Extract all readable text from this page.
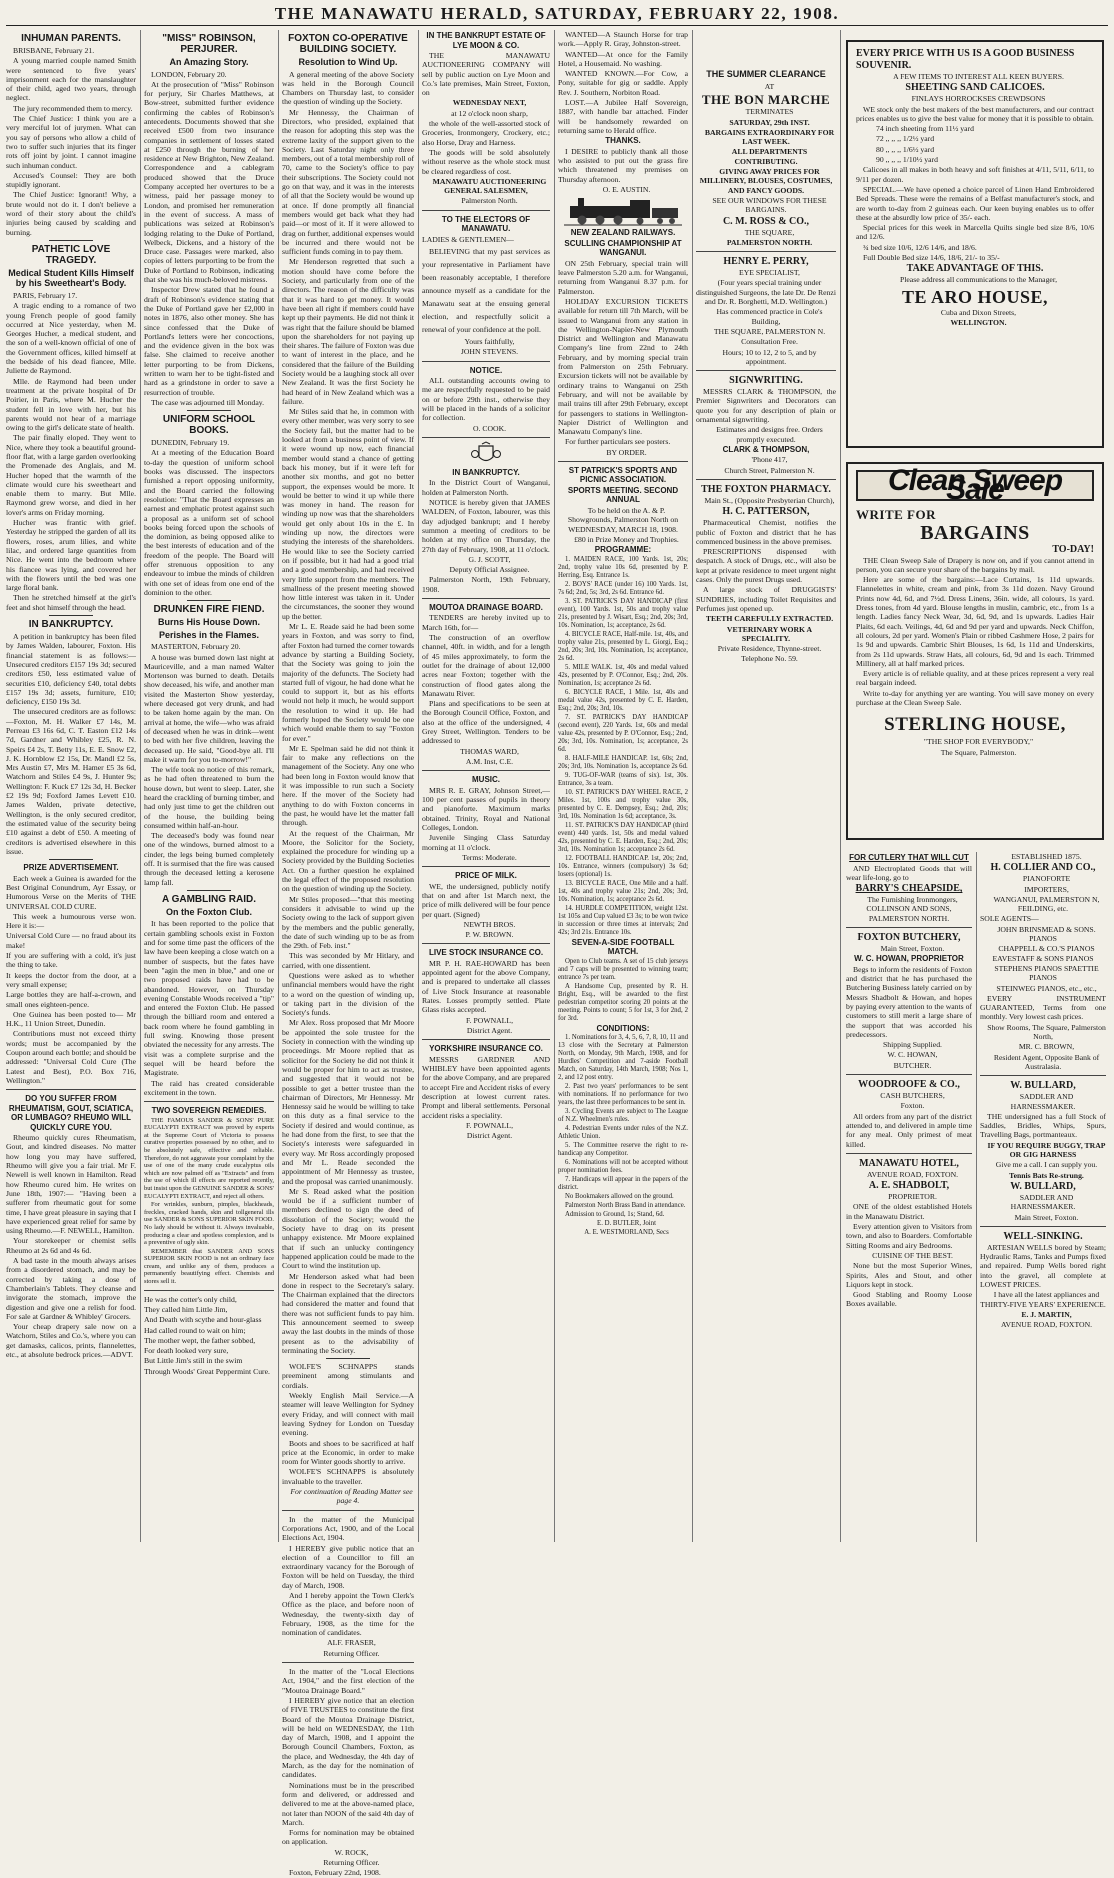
THE MANAWATU HERALD, SATURDAY, FEBRUARY 22, 1908.
INHUMAN PARENTS.

BRISBANE, February 21.

A young married couple named Smith were sentenced to five years' imprisonment each for the manslaughter of their child, aged two years, through neglect.

The jury recommended them to mercy.

The Chief Justice: I think you are a very merciful lot of jurymen. What can you say of persons who allow a child of two to suffer such injuries that its finger rots off joint by joint. I cannot imagine such inhuman conduct.

Accused's Counsel: They are both stupidly ignorant.

The Chief Justice: Ignorant! Why, a brute would not do it. I don't believe a word of their story about the child's injuries being caused by scalding and burning.

PATHETIC LOVE TRAGEDY.
Medical Student Kills Himself by his Sweetheart's Body.

PARIS, February 17.

A tragic ending to a romance of two young French people of good family occurred at Nice yesterday, when M. Georges Hucher, a medical student, and the son of a well-known official of one of the Government offices, killed himself at the bedside of his dead fiancee, Mlle. Juliette de Raymond.

Mlle. de Raymond had been under treatment at the private hospital of Dr Poirier, in Paris, where M. Hucher the student fell in love with her, but his parents would not hear of a marriage owing to the girl's delicate state of health.

The pair finally eloped. They went to Nice, where they took a beautiful ground-floor flat, with a large garden overlooking the Promenade des Anglais, and M. Hucher hoped that the warmth of the climate would cure his sweetheart and enable them to marry. But Mlle. Raymond grew worse, and died in her lover's arms on Friday morning.

Hucher was frantic with grief. Yesterday he stripped the garden of all its flowers, roses, arum lilies, and white lilac, and ordered large quantities from Nice. He went into the bedroom where his fiancee was lying, and covered her with the flowers until the bed was one large floral bank.

Then he stretched himself at the girl's feet and shot himself through the head.

IN BANKRUPTCY.

A petition in bankruptcy has been filed by James Walden, labourer, Foxton. His financial statement is as follows:—Unsecured creditors £157 19s 3d; secured creditors £50, less estimated value of securities £10, deficiency £40, total debts £157 19s 3d; assets, furniture, £10; deficiency, £150 19s 3d.

The unsecured creditors are as follows:—Foxton, M. H. Walker £7 14s, M. Perreau £3 16s 6d, C. T. Easton £12 14s 7d, Gardner and Whibley £25, R. N. Speirs £4 2s, T. Betty 11s, E. E. Snow £2, J. K. Hornblow £2 15s, Dr. Mandl £2 5s, Mrs Austin £7, Mrs M. Hamer £5 3s 6d, Watchorn and Stiles £4 9s, J. Hunter 9s; Wellington: F. Kuck £7 12s 3d, H. Becker £2 19s 9d; Foxford James Levett £10. James Walden, private detective, Wellington, is the only secured creditor, the estimated value of the security being £10 against a debt of £50. A meeting of creditors is advertised elsewhere in this issue.

PRIZE ADVERTISEMENT.

Each week a Guinea is awarded for the Best Original Conundrum, Ayr Essay, or Humorous Verse on the Merits of THE UNIVERSAL COLD CURE.

This week a humourous verse won. Here it is:—

Universal Cold Cure — no fraud about its make!

If you are suffering with a cold, it's just the thing to take.

It keeps the doctor from the door, at a very small expense;

Large bottles they are half-a-crown, and small ones eighteen-pence.

One Guinea has been posted to— Mr H.K., 11 Union Street, Dunedin.

Contributions must not exceed thirty words; must be accompanied by the Coupon around each bottle; and should be addressed: "Universal Cold Cure (The Latest and Best), P.O. Box 716, Wellington."

DO YOU SUFFER FROM RHEUMATISM, GOUT, SCIATICA, OR LUMBAGO? RHEUMO WILL QUICKLY CURE YOU.

Rheumo quickly cures Rheumatism, Gout, and kindred diseases. No matter how long you may have suffered, Rheumo will give you a fair trial. Mr F. Newell is well known in Hamilton. Read how Rheumo cured him. He writes on June 18th, 1907:— "Having been a sufferer from rheumatic gout for some time, I have great pleasure in saying that I have experienced great relief for same by using Rheumo.—F. NEWELL, Hamilton.

Your storekeeper or chemist sells Rheumo at 2s 6d and 4s 6d.

A bad taste in the mouth always arises from a disordered stomach, and may be corrected by taking a dose of Chamberlain's Tablets. They cleanse and invigorate the stomach, improve the digestion and give one a relish for food. For sale at Gardner & Whibley' Grocers.

Your cheap drapery sale now on a Watchorn, Stiles and Co.'s, where you can get damasks, calicos, prints, flannelettes, etc., at absolute bedrock prices.—ADVT.

"MISS" ROBINSON, PERJURER.
An Amazing Story.

LONDON, February 20.

At the prosecution of "Miss" Robinson for perjury, Sir Charles Matthews, at Bow-street, submitted further evidence confirming the cables of Robinson's antecedents. Documents showed that she received £500 from two insurance companies in settlement of losses stated at £250 through the burning of her residence at New Brighton, New Zealand. Correspondence and a cablegram produced showed that the Druce Company accepted her overtures to be a witness, paid her passage money to London, and promised her remuneration in the event of success. A mass of publications was seized at Robinson's lodging relating to the Duke of Portland, Welbeck, Dickens, and a history of the Druce case. Passages were marked, also copies of letters purporting to be from the Duke of Portland to Robinson, indicating that she was his much-beloved mistress.

Inspector Drew stated that he found a draft of Robinson's evidence stating that the Duke of Portland gave her £2,000 in notes in 1876, also other money. She has since confessed that the Duke of Portland's letters were her concoctions, and the evidence given in the box was false. She claimed to receive another letter purporting to be from Dickens, written to warn her to be tight-fisted and hard as a grindstone in order to save a resurrection of trouble.

The case was adjourned till Monday.

UNIFORM SCHOOL BOOKS.

DUNEDIN, February 19.

At a meeting of the Education Board to-day the question of uniform school books was discussed. The inspectors furnished a report opposing uniformity, and the Board carried the following resolution: "That the Board expresses an earnest and emphatic protest against such a proposal as a uniform set of school books being forced upon the schools of the dominion, as being opposed alike to the best interests of education and of the freedom of the people. The Board will offer strenuous opposition to any endeavour to imbue the minds of children with one set of ideas from one end of the dominion to the other.

DRUNKEN FIRE FIEND.
Burns His House Down.
Perishes in the Flames.

MASTERTON, February 20.

A house was burned down last night at Mauriceville, and a man named Walter Mortenson was burned to death. Details show deceased, his wife, and another man visited the Masterton Show yesterday, where deceased got very drunk, and had to be taken home again by the man. On arrival at home, the wife—who was afraid of deceased when he was in drink—went to bed with her five children, leaving the deceased up. He said, "Good-bye all. I'll make it warm for you to-morrow!"

The wife took no notice of this remark, as he had often threatened to burn the house down, but went to sleep. Later, she heard the crackling of burning timber, and had only just time to get the children out of the house, the building being consumed within half-an-hour.

The deceased's body was found near one of the windows, burned almost to a cinder, the legs being burned completely off. It is surmised that the fire was caused through the deceased letting a kerosene lamp fall.

A GAMBLING RAID.
On the Foxton Club.

It has been reported to the police that certain gambling schools exist in Foxton and for some time past the officers of the law have been keeping a close watch on a number of suspects, but the fates have been "agin the men in blue," and one or two proposed raids have had to be abandoned. However, on Thursday evening Constable Woods received a "tip" and entered the Foxton Club. He passed through the billiard room and entered a back room where he found gambling in full swing. Knowing those present obviated the necessity for any arrests. The visit was a complete surprise and the sequel will be heard before the Magistrate.

The raid has created considerable excitement in the town.

TWO SOVEREIGN REMEDIES.

THE FAMOUS SANDER & SONS' PURE EUCALYPTI EXTRACT was proved by experts at the Supreme Court of Victoria to possess curative properties possessed by no other, and to be absolutely safe, effective and reliable. Therefore, do not aggravate your complaint by the use of one of the many crude eucalyptus oils which are now palmed off as "Extracts" and from the use of which ill effects are reported recently, but insist upon the GENUINE SANDER & SONS' EUCALYPTI EXTRACT, and reject all others.

For wrinkles, sunburn, pimples, blackheads, freckles, cracked hands, skin and tollgeneral ills use SANDER & SONS SUPERIOR SKIN FOOD. No lady should be without it. Always invaluable, producing a clear and spotless complexion, and is a preventive of ugly skin.

REMEMBER that SANDER AND SONS SUPERIOR SKIN FOOD is not an ordinary face cream, and unlike any of them, produces a permanently beautifying effect. Chemists and stores sell it.

He was the cotter's only child,

They called him Little Jim,

And Death with scythe and hour-glass

Had called round to wait on him;

The mother wept, the father sobbed,

For death looked very sure,

But Little Jim's still in the swim

Through Woods' Great Peppermint Cure.

FOXTON CO-OPERATIVE BUILDING SOCIETY.
Resolution to Wind Up.

A general meeting of the above Society was held in the Borough Council Chambers on Thursday last, to consider the question of winding up the Society.

Mr Hennessy, the Chairman of Directors, who presided, explained that the reason for adopting this step was the extreme laxity of the support given to the Society. Last Saturday night only three members, out of a total membership roll of 70, came to the Society's office to pay their subscriptions. The Society could not go on that way, and it was in the interests of all that the Society would be wound up at once. If done promptly all financial members would get back what they had paid—or most of it. If it were allowed to drag on further, additional expenses would be incurred and there would not be sufficient funds coming in to pay them.

Mr Henderson regretted that such a motion should have come before the Society, and particularly from one of the directors. The reason of the difficulty was that it was hard to get money. It would have been all right if members could have kept up their payments. He did not think it was right that the failure should be blamed upon the shareholders for not paying up their shares. The failure of Foxton was due to want of interest in the place, and he considered that the failure of the Building Society would be a laughing stock all over New Zealand. It was the first Society he had heard of in New Zealand which was a failure.

Mr Stiles said that he, in common with every other member, was very sorry to see the Society fail, but the matter had to be looked at from a business point of view. If it were wound up now, each financial member would stand a chance of getting back his money, but if it were left for another six months, and got no better support, the expenses would be more. It would be better to wind it up while there was money in hand. The reason for winding up now was that the shareholders would get only about 10s in the £. In winding up now, the directors were studying the interests of the shareholders. He would like to see the Society carried on if possible, but it had had a good trial and a good membership, and had received very little support from the members. The smallness of the present meeting showed how little interest was taken in it. Under the circumstances, the sooner they wound up the better.

Mr L. E. Reade said he had been some years in Foxton, and was sorry to find, after Foxton had turned the corner towards advance by starting a Building Society, that the Society was going to join the majority of the defuncts. The Society had started full of vigour, he had done what he could to support it, but as his efforts would not help it much, he would support the resolution to wind it up. He had formerly hoped the Society would be one which would enable them to say "Foxton for ever."

Mr E. Spelman said he did not think it fair to make any reflections on the management of the Society. Any one who had been long in Foxton would know that it was impossible to run such a Society here. If the mover of the Society had anything to do with Foxton concerns in the past, he would have let the matter fall through.

At the request of the Chairman, Mr Moore, the Solicitor for the Society, explained the procedure for winding up a Society provided by the Building Societies Act. On a further question he explained the legal effect of the proposed resolution on the question of winding up the Society.

Mr Stiles proposed—"that this meeting considers it advisable to wind up the Society owing to the lack of support given by the members and the public generally, the date of such winding up to be as from the 29th. of Feb. inst."

This was seconded by Mr Hitlary, and carried, with one dissentient.

Questions were asked as to whether unfinancial members would have the right to a word on the question of winding up, or taking part in the division of the Society's funds.

Mr Alex. Ross proposed that Mr Moore be appointed the sole trustee for the Society in connection with the winding up proceedings. Mr Moore replied that as solicitor for the Society he did not think it would be proper for him to act as trustee, and suggested that it would not be possible to get a better trustee than the chairman of Directors, Mr Hennessy. Mr Hennessy said he would be willing to take on this duty as a final service to the Society if desired and would continue, as he had done from the first, to see that the Society's interests were safeguarded in every way. Mr Ross accordingly proposed and Mr L. Reade seconded the appointment of Mr Hennessy as trustee, and the proposal was carried unanimously.

Mr S. Read asked what the position would be if a sufficient number of members declined to sign the deed of dissolution of the Society; would the Society have to drag on its present unhappy existence. Mr Moore explained that if such an unlucky contingency happened application could be made to the Court to wind the institution up.

Mr Henderson asked what had been done in respect to the Secretary's salary. The Chairman explained that the directors had considered the matter and found that there was not sufficient funds to pay him. This announcement seemed to sweep away the last doubts in the minds of those present as to the advisability of terminating the Society.

WOLFE'S SCHNAPPS stands preeminent among stimulants and cordials.

Weekly English Mail Service.—A steamer will leave Wellington for Sydney every Friday, and will connect with mail leaving Sydney for London on Tuesday evening.

Boots and shoes to be sacrificed at half price at the Economic, in order to make room for Winter goods shortly to arrive.

WOLFE'S SCHNAPPS is absolutely invaluable to the traveller.

For continuation of Reading Matter see page 4.

In the matter of the Municipal Corporations Act, 1900, and of the Local Elections Act, 1904.

I HEREBY give public notice that an election of a Councillor to fill an extraordinary vacancy for the Borough of Foxton will be held on Tuesday, the third day of March, 1908.

And I hereby appoint the Town Clerk's Office as the place, and before noon of Wednesday, the twenty-sixth day of February, 1908, as the time for the nomination of candidates.

ALF. FRASER,

Returning Officer.

In the matter of the "Local Elections Act, 1904," and the first election of the "Moutoa Drainage Board."

I HEREBY give notice that an election of FIVE TRUSTEES to constitute the first Board of the Moutoa Drainage District, will be held on WEDNESDAY, the 11th day of March, 1908, and I appoint the Borough Council Chambers, Foxton, as the place, and Wednesday, the 4th day of March, as the day for the nomination of candidates.

Nominations must be in the prescribed form and delivered, or addressed and delivered to me at the above-named place, not later than NOON of the said 4th day of March.

Forms for nomination may be obtained on application.

W. ROCK,

Returning Officer.

Foxton, February 22nd, 1908.

IN THE BANKRUPT ESTATE OF LYE MOON & CO.

THE MANAWATU AUCTIONEERING COMPANY will sell by public auction on Lye Moon and Co.'s late premises, Main Street, Foxton, on

WEDNESDAY NEXT,

at 12 o'clock noon sharp,

the whole of the well-assorted stock of Groceries, Ironmongery, Crockery, etc.; also Horse, Dray and Harness.

The goods will be sold absolutely without reserve as the whole stock must be cleared regardless of cost.

MANAWATU AUCTIONEERING GENERAL SALESMEN,

Palmerston North.

TO THE ELECTORS OF MANAWATU.

LADIES & GENTLEMEN—

BELIEVING that my past services as your representative in Parliament have been reasonably acceptable, I therefore announce myself as a candidate for the Manawatu seat at the ensuing general election, and respectfully solicit a renewal of your confidence at the poll.

Yours faithfully,

JOHN STEVENS.

NOTICE.

ALL outstanding accounts owing to me are respectfully requested to be paid on or before 29th inst., otherwise they will be placed in the hands of a solicitor for collection.

O. COOK.

IN BANKRUPTCY.

In the District Court of Wanganui, holden at Palmerston North.

NOTICE is hereby given that JAMES WALDEN, of Foxton, labourer, was this day adjudged bankrupt; and I hereby summon a meeting of creditors to be holden at my office on Thursday, the 27th day of February, 1908, at 11 o'clock.

G. J. SCOTT,

Deputy Official Assignee.

Palmerston North, 19th February, 1908.

MOUTOA DRAINAGE BOARD.

TENDERS are hereby invited up to March 16th, for—

The construction of an overflow channel, 40ft. in width, and for a length of 45 miles approximately, to form the outlet for the drainage of about 12,000 acres near Foxton; together with the construction of flood gates along the Manawatu River.

Plans and specifications to be seen at the Borough Council Office, Foxton, and also at the office of the undersigned, 4 Grey Street, Wellington. Tenders to be addressed to

THOMAS WARD,

A.M. Inst, C.E.

MUSIC.

MRS R. E. GRAY, Johnson Street,—100 per cent passes of pupils in theory and pianoforte. Maximum marks obtained. Trinity, Royal and National Colleges, London.

Juvenile Singing Class Saturday morning at 11 o'clock.

Terms: Moderate.

PRICE OF MILK.

WE, the undersigned, publicly notify that on and after 1st March next, the price of milk delivered will be four pence per quart. (Signed)

NEWTH BROS.

P. W. BROWN.

LIVE STOCK INSURANCE CO.

MR P. H. RAE-HOWARD has been appointed agent for the above Company, and is prepared to undertake all classes of Live Stock Insurance at reasonable Rates. Losses promptly settled. Plate Glass risks accepted.

F. POWNALL,

District Agent.

YORKSHIRE INSURANCE CO.

MESSRS GARDNER AND WHIBLEY have been appointed agents for the above Company, and are prepared to accept Fire and Accident risks of every description at lowest current rates. Prompt and liberal settlements. Personal accident risks a speciality.

F. POWNALL,

District Agent.

WANTED—A Staunch Horse for trap work.—Apply R. Gray, Johnston-street.

WANTED—At once for the Family Hotel, a Housemaid. No washing.

WANTED KNOWN.—For Cow, a Pony, suitable for gig or saddle. Apply Rev. J. Southern, Norbiton Road.

LOST.—A Jubilee Half Sovereign, 1887, with handle bar attached. Finder will be handsomely rewarded on returning same to Herald office.

THANKS.

I DESIRE to publicly thank all those who assisted to put out the grass fire which threatened my premises on Thursday afternoon.

O. E. AUSTIN.

NEW ZEALAND RAILWAYS.
SCULLING CHAMPIONSHIP AT WANGANUI.

ON 25th February, special train will leave Palmerston 5.20 a.m. for Wanganui, returning from Wanganui 8.37 p.m. for Palmerston.

HOLIDAY EXCURSION TICKETS available for return till 7th March, will be issued to Wanganui from any station in the Wellington-Napier-New Plymouth District and Wellington and Manawatu Company's line from 22nd to 24th February, and by morning special train from Palmerston on 25th February. Excursion tickets will not be available by ordinary trains to Wanganui on 25th February, and will not be available by mail trains till after 29th February, except for passengers to stations in Wellington-Napier District of Wellington and Manawatu Company's line.

For further particulars see posters.

BY ORDER.

ST PATRICK'S SPORTS AND PICNIC ASSOCIATION.
SPORTS MEETING. SECOND ANNUAL

To be held on the A. & P. Showgrounds, Palmerston North on WEDNESDAY, MARCH 18, 1908.

£80 in Prize Money and Trophies.

PROGRAMME:

1. MAIDEN RACE, 100 Yards. 1st, 20s; 2nd, trophy value 10s 6d, presented by P. Herring, Esq. Entrance 1s.

2. BOYS' RACE (under 16) 100 Yards. 1st, 7s 6d; 2nd, 5s; 3rd, 2s 6d. Entrance 6d.

3. ST. PATRICK'S DAY HANDICAP (first event), 100 Yards. 1st, 50s and trophy value 21s, presented by J. Wisart, Esq.; 2nd, 20s; 3rd, 10s. Nomination, 1s; acceptance, 2s 6d.

4. BICYCLE RACE, Half-mile. 1st, 40s, and trophy value 21s, presented by L. Giorgi, Esq.; 2nd, 20s; 3rd, 10s. Nomination, 1s; acceptance, 2s 6d.

5. MILE WALK. 1st, 40s and medal valued 42s, presented by P. O'Connor, Esq.; 2nd, 20s. Nomination, 1s; acceptance 2s 6d.

6. BICYCLE RACE, 1 Mile. 1st, 40s and medal value 42s, presented by C. E. Harden, Esq.; 2nd, 20s; 3rd, 10s.

7. ST. PATRICK'S DAY HANDICAP (second event), 220 Yards. 1st, 60s and medal value 42s, presented by P. O'Connor, Esq.; 2nd, 20s; 3rd, 10s. Nomination, 1s; acceptance, 2s 6d.

8. HALF-MILE HANDICAP. 1st, 60s; 2nd, 20s; 3rd, 10s. Nomination 1s, acceptance 2s 6d.

9. TUG-OF-WAR (teams of six). 1st, 30s. Entrance, 3s a team.

10. ST. PATRICK'S DAY WHEEL RACE, 2 Miles. 1st, 100s and trophy value 30s, presented by C. E. Dempsey, Esq.; 2nd, 20s; 3rd, 10s. Nomination 1s 6d; acceptance, 3s.

11. ST. PATRICK'S DAY HANDICAP (third event) 440 yards. 1st, 50s and medal valued 42s, presented by C. E. Harden, Esq.; 2nd, 20s; 3rd, 10s. Nomination 1s; acceptance 2s 6d.

12. FOOTBALL HANDICAP. 1st, 20s; 2nd, 10s. Entrance, winners (compulsory) 3s 6d; losers (optional) 1s.

13. BICYCLE RACE, One Mile and a half. 1st, 40s and trophy value 21s; 2nd, 20s; 3rd, 10s. Nomination, 1s; acceptance 2s 6d.

14. HURDLE COMPETITION, weight 12st. 1st 105s and Cup valued £3 3s; to be won twice in succession or three times at intervals; 2nd 42s; 3rd 21s. Entrance 10s.

SEVEN-A-SIDE FOOTBALL MATCH.

Open to Club teams. A set of 15 club jerseys and 7 caps will be presented to winning team; entrance 7s per team.

A Handsome Cup, presented by R. H. Bright, Esq., will be awarded to the first pedestrian competitor scoring 20 points at the meeting. Points to count; 5 for 1st, 3 for 2nd, 2 for 3rd.

CONDITIONS:

1. Nominations for 3, 4, 5, 6, 7, 8, 10, 11 and 13 close with the Secretary at Palmerston North, on Monday, 9th March, 1908, and for Hurdles' Competition and 7-aside Football Match, on Saturday, 14th March, 1908; Nos 1, 2, and 12 post entry.

2. Past two years' performances to be sent with nominations. If no performance for two years, the last three performances to be sent in.

3. Cycling Events are subject to The League of N.Z. Wheelmen's rules.

4. Pedestrian Events under rules of the N.Z. Athletic Union.

5. The Committee reserve the right to re-handicap any Competitor.

6. Nominations will not be accepted without proper nomination fees.

7. Handicaps will appear in the papers of the district.

No Bookmakers allowed on the ground.

Palmerston North Brass Band in attendance.

Admission to Ground, 1s; Stand, 6d.

E. D. BUTLER, Joint

A. E. WESTMORLAND, Secs

EVERY PRICE WITH US IS A GOOD BUSINESS SOUVENIR.

A FEW ITEMS TO INTEREST ALL KEEN BUYERS.

SHEETING SAND CALICOES.

FINLAYS HORROCKSES CREWDSONS

WE stock only the best makers of the best manufacturers, and our contract prices enables us to give the best value for money that it is possible to obtain.

74 inch sheeting from 11½ yard

72 ,, ,, ,, 1/2½ yard

80 ,, ,, ,, 1/6½ yard

90 ,, ,, ,, 1/10½ yard

Calicoes in all makes in both heavy and soft finishes at 4/11, 5/11, 6/11, to 9/11 per dozen.

SPECIAL.—We have opened a choice parcel of Linen Hand Embroidered Bed Spreads. These were the remains of a Belfast manufacturer's stock, and are worth to-day from 2 guineas each. Our keen buying enables us to offer these at the absurdly low price of 35/- each.

Special prices for this week in Marcella Quilts single bed size 8/6, 10/6 and 12/6.

¾ bed size 10/6, 12/6 14/6, and 18/6.

Full Double Bed size 14/6, 18/6, 21/- to 35/-

TAKE ADVANTAGE OF THIS.

Please address all communications to the Manager,

TE ARO HOUSE,

Cuba and Dixon Streets,

WELLINGTON.

Clean Sweep Sale
WRITE FOR
BARGAINS
TO-DAY!

THE Clean Sweep Sale of Drapery is now on, and if you cannot attend in person, you can secure your share of the bargains by mail.

Here are some of the bargains:—Lace Curtains, 1s 11d upwards. Flannelettes in white, cream and pink, from 3s 11d dozen. Navy Ground Prints now 4d, 6d, and 7½d. Dress Linens, 36in. wide, all colours, 1s yard. Dress tones, from 4d yard. Blouse lengths in muslin, cambric, etc., from 1s a length. Ladies fancy Neck Wear, 3d, 6d, 9d, and 1s upwards. Ladies Hair Plaits, 6d each. Veilings, 4d, 6d and 9d per yard and upwards. Neck Chiffon, all colours, 2d per yard. Women's Plain or ribbed Cashmere Hose, 2 pairs for 1s 9d and upwards. Cambric Shirt Blouses, 1s 6d, 1s 11d and Underskirts, from 2s 11d upwards. Straw Hats, all colours, 6d, 9d and 1s each. Trimmed Millinery, all at half marked prices.

Every article is of reliable quality, and at these prices represent a very real real bargain indeed.

Write to-day for anything yer are wanting. You will save money on every purchase at the Clean Sweep Sale.

STERLING HOUSE,

"THE SHOP FOR EVERYBODY,"

The Square, Palmerston.

THE SUMMER CLEARANCE

AT

THE BON MARCHE

TERMINATES

SATURDAY, 29th INST.

BARGAINS EXTRAORDINARY FOR LAST WEEK.

ALL DEPARTMENTS CONTRIBUTING.

GIVING AWAY PRICES FOR MILLINERY, BLOUSES, COSTUMES, AND FANCY GOODS.

SEE OUR WINDOWS FOR THESE BARGAINS.

C. M. ROSS & CO.,

THE SQUARE,

PALMERSTON NORTH.

HENRY E. PERRY,

EYE SPECIALIST,

(Four years special training under distinguished Surgeons, the late Dr. De Renzi and Dr. R. Borghetti, M.D. Wellington.)

Has commenced practice in Cole's Building,

THE SQUARE, PALMERSTON N.

Consultation Free.

Hours; 10 to 12, 2 to 5, and by appointment.

SIGNWRITING.

MESSRS CLARK & THOMPSON, the Premier Signwriters and Decorators can quote you for any description of plain or ornamental signwriting.

Estimates and designs free. Orders promptly executed.

CLARK & THOMPSON,

'Phone 417,

Church Street, Palmerston N.

THE FOXTON PHARMACY.

Main St., (Opposite Presbyterian Church),

H. C. PATTERSON,

Pharmaceutical Chemist, notifies the public of Foxton and district that he has commenced business in the above premises.

PRESCRIPTIONS dispensed with despatch. A stock of Drugs, etc., will also be kept at private residence to meet urgent night cases. Only the purest Drugs used.

A large stock of DRUGGISTS' SUNDRIES, including Toilet Requisites and Perfumes just opened up.

TEETH CAREFULLY EXTRACTED.

VETERINARY WORK A SPECIALITY.

Private Residence, Thynne-street.

Telephone No. 59.

FOR CUTLERY THAT WILL CUT

AND Electroplated Goods that will wear life-long, go to

BARRY'S CHEAPSIDE,

The Furnishing Ironmongers, COLLINSON AND SONS, PALMERSTON NORTH.

FOXTON BUTCHERY,

Main Street, Foxton.

W. C. HOWAN, PROPRIETOR

Begs to inform the residents of Foxton and district that he has purchased the Butchering Business lately carried on by Messrs Shadbolt & Howan, and hopes by paying every attention to the wants of customers to still merit a large share of the support that was accorded his predecessors.

Shipping Supplied.

W. C. HOWAN,

BUTCHER.

WOODROOFE & CO.,

CASH BUTCHERS,

Foxton.

All orders from any part of the district attended to, and delivered in ample time for any meal. Only primest of meat killed.

MANAWATU HOTEL,

AVENUE ROAD, FOXTON.

A. E. SHADBOLT,

PROPRIETOR.

ONE of the oldest established Hotels in the Manawatu District.

Every attention given to Visitors from town, and also to Boarders. Comfortable Sitting Rooms and airy Bedrooms.

CUISINE OF THE BEST.

None but the most Superior Wines, Spirits, Ales and Stout, and other Liquors kept in stock.

Good Stabling and Roomy Loose Boxes available.

ESTABLISHED 1875.

H. COLLIER AND CO.,

PIANOFORTE

IMPORTERS,

WANGANUI, PALMERSTON N, FEILDING, etc.

SOLE AGENTS—

JOHN BRINSMEAD & SONS. PIANOS

CHAPPELL & CO.'S PIANOS EAVESTAFF & SONS PIANOS

STEPHENS PIANOS SPAETTIE PIANOS

STEINWEG PIANOS, etc., etc.,

EVERY INSTRUMENT GUARANTEED, Terms from one monthly. Very lowest cash prices.

Show Rooms, The Square, Palmerston North,

MR. C. BROWN,

Resident Agent, Opposite Bank of Australasia.

W. BULLARD,

SADDLER AND HARNESSMAKER.

THE undersigned has a full Stock of Saddles, Bridles, Whips, Spurs, Travelling Bags, portmanteaux.

IF YOU REQUIRE BUGGY, TRAP OR GIG HARNESS

Give me a call. I can supply you.

Tennis Bats Re-strung.

W. BULLARD,

SADDLER AND HARNESSMAKER.

Main Street, Foxton.

WELL-SINKING.

ARTESIAN WELLS bored by Steam; Hydraulic Rams, Tanks and Pumps fixed and repaired. Pump Wells bored right into the gravel, all complete at LOWEST PRICES.

I have all the latest appliances and THIRTY-FIVE YEARS' EXPERIENCE.

E. J. MARTIN,

AVENUE ROAD, FOXTON.
